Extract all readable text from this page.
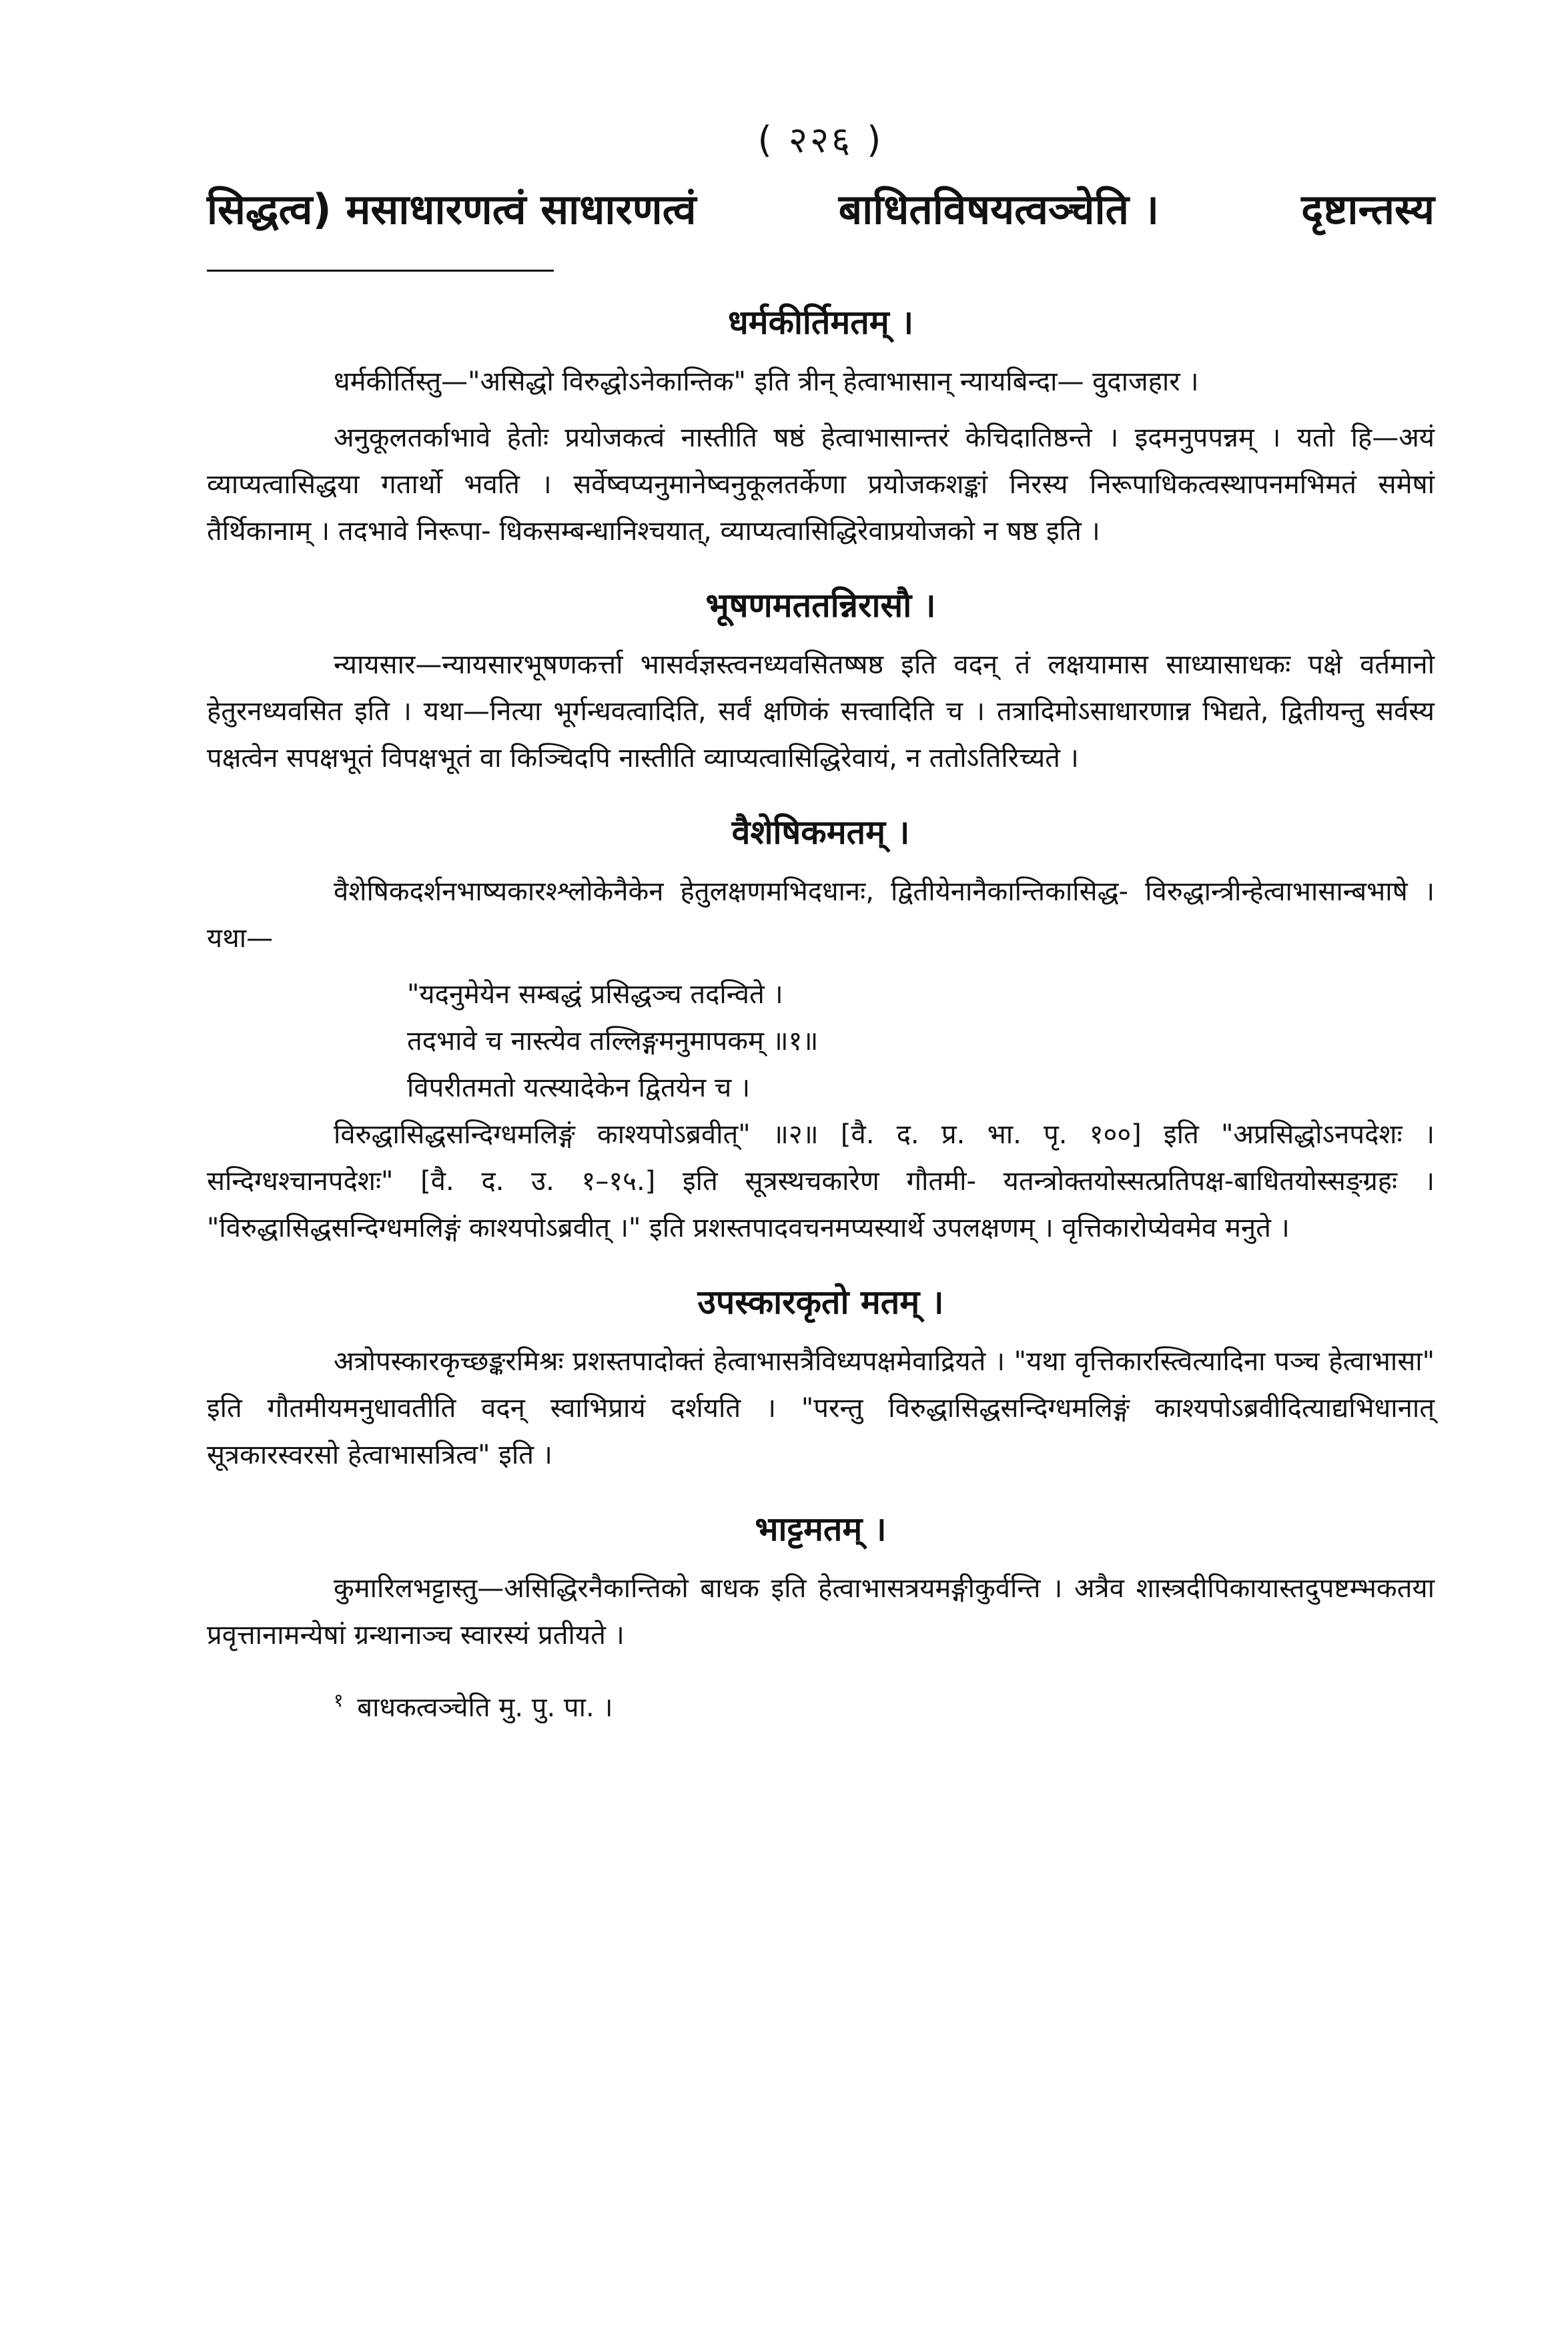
( २२६ )
सिद्धत्व) मसाधारणत्वं साधारणत्वं	बाधितविषयत्वञ्चेति ।	दृष्टान्तस्य
धर्मकीर्तिमतम् ।

धर्मकीर्तिस्तु—"असिद्धो विरुद्धोऽनेकान्तिक" इति त्रीन् हेत्वाभासान् न्यायबिन्दा— वुदाजहार ।

अनुकूलतर्काभावे हेतोः प्रयोजकत्वं नास्तीति षष्ठं हेत्वाभासान्तरं केचिदातिष्ठन्ते । इदमनुपपन्नम् । यतो हि—अयं व्याप्यत्वासिद्धया गतार्थो भवति । सर्वेष्वप्यनुमानेष्वनुकूलतर्केणा प्रयोजकशङ्कां निरस्य निरूपाधिकत्वस्थापनमभिमतं समेषां तैर्थिकानाम् । तदभावे निरूपा- धिकसम्बन्धानिश्चयात्, व्याप्यत्वासिद्धिरेवाप्रयोजको न षष्ठ इति ।

भूषणमततन्निरासौ ।

न्यायसार—न्यायसारभूषणकर्त्ता भासर्वज्ञस्त्वनध्यवसितष्षष्ठ इति वदन् तं लक्षयामास साध्यासाधकः पक्षे वर्तमानो हेतुरनध्यवसित इति । यथा—नित्या भूर्गन्धवत्वादिति, सर्वं क्षणिकं सत्त्वादिति च । तत्रादिमोऽसाधारणान्न भिद्यते, द्वितीयन्तु सर्वस्य पक्षत्वेन सपक्षभूतं विपक्षभूतं वा किञ्चिदपि नास्तीति व्याप्यत्वासिद्धिरेवायं, न ततोऽतिरिच्यते ।

वैशेषिकमतम् ।

वैशेषिकदर्शनभाष्यकारश्श्लोकेनैकेन हेतुलक्षणमभिदधानः, द्वितीयेनानैकान्तिकासिद्ध- विरुद्धान्त्रीन्हेत्वाभासान्बभाषे । यथा—

"यदनुमेयेन सम्बद्धं प्रसिद्धञ्च तदन्विते ।

तदभावे च नास्त्येव तल्लिङ्गमनुमापकम् ॥१॥

विपरीतमतो यत्स्यादेकेन द्वितयेन च ।

विरुद्धासिद्धसन्दिग्धमलिङ्गं काश्यपोऽब्रवीत्" ॥२॥ [वै. द. प्र. भा. पृ. १००] इति "अप्रसिद्धोऽनपदेशः । सन्दिग्धश्चानपदेशः" [वै. द. उ. १–१५.] इति सूत्रस्थचकारेण गौतमी- यतन्त्रोक्तयोस्सत्प्रतिपक्ष-बाधितयोस्सङ्ग्रहः । "विरुद्धासिद्धसन्दिग्धमलिङ्गं काश्यपोऽब्रवीत् ।" इति प्रशस्तपादवचनमप्यस्यार्थे उपलक्षणम् । वृत्तिकारोप्येवमेव मनुते ।

उपस्कारकृतो मतम् ।

अत्रोपस्कारकृच्छङ्करमिश्रः प्रशस्तपादोक्तं हेत्वाभासत्रैविध्यपक्षमेवाद्रियते । "यथा वृत्तिकारस्त्वित्यादिना पञ्च हेत्वाभासा" इति गौतमीयमनुधावतीति वदन् स्वाभिप्रायं दर्शयति । "परन्तु विरुद्धासिद्धसन्दिग्धमलिङ्गं काश्यपोऽब्रवीदित्याद्यभिधानात् सूत्रकारस्वरसो हेत्वाभासत्रित्व" इति ।

भाट्टमतम् ।

कुमारिलभट्टास्तु—असिद्धिरनैकान्तिको बाधक इति हेत्वाभासत्रयमङ्गीकुर्वन्ति । अत्रैव शास्त्रदीपिकायास्तदुपष्टम्भकतया प्रवृत्तानामन्येषां ग्रन्थानाञ्च स्वारस्यं प्रतीयते ।

$^१$ बाधकत्वञ्चेति मु. पु. पा. ।
